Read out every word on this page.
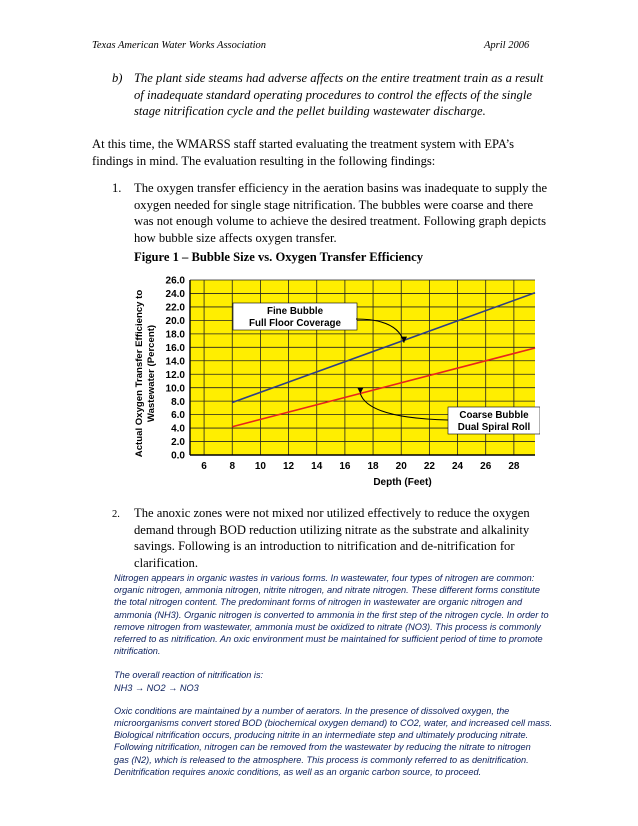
Texas American Water Works Association	April 2006
b) The plant side steams had adverse affects on the entire treatment train as a result
of inadequate standard operating procedures to control the effects of the single
stage nitrification cycle and the pellet building wastewater discharge.
At this time, the WMARSS staff started evaluating the treatment system with EPA’s
findings in mind. The evaluation resulting in the following findings:
1. The oxygen transfer efficiency in the aeration basins was inadequate to supply the
oxygen needed for single stage nitrification. The bubbles were coarse and there
was not enough volume to achieve the desired treatment. Following graph depicts
how bubble size affects oxygen transfer.
Figure 1 – Bubble Size vs. Oxygen Transfer Efficiency
0.0
2.0
4.0
6.0
8.0
10.0
12.0
14.0
16.0
18.0
20.0
22.0
24.0
26.0
6 8 10 12 14 16 18 20 22 24 26 28
Fine Bubble
Full Floor Coverage
Coarse Bubble
Dual Spiral Roll
Depth (Feet)
Actual Oxygen Transfer Efficiency toWastewater (Percent)
2. The anoxic zones were not mixed nor utilized effectively to reduce the oxygen
demand through BOD reduction utilizing nitrate as the substrate and alkalinity
savings. Following is an introduction to nitrification and de-nitrification for
clarification.

Nitrogen appears in organic wastes in various forms. In wastewater, four types of nitrogen are common:
organic nitrogen, ammonia nitrogen, nitrite nitrogen, and nitrate nitrogen. These different forms constitute
the total nitrogen content. The predominant forms of nitrogen in wastewater are organic nitrogen and
ammonia (NH3). Organic nitrogen is converted to ammonia in the first step of the nitrogen cycle. In order to
remove nitrogen from wastewater, ammonia must be oxidized to nitrate (NO3). This process is commonly
referred to as nitrification. An oxic environment must be maintained for sufficient period of time to promote
nitrification.

The overall reaction of nitrification is:
NH3 → NO2 → NO3

Oxic conditions are maintained by a number of aerators. In the presence of dissolved oxygen, the
microorganisms convert stored BOD (biochemical oxygen demand) to CO2, water, and increased cell mass.
Biological nitrification occurs, producing nitrite in an intermediate step and ultimately producing nitrate.
Following nitrification, nitrogen can be removed from the wastewater by reducing the nitrate to nitrogen
gas (N2), which is released to the atmosphere. This process is commonly referred to as denitrification.
Denitrification requires anoxic conditions, as well as an organic carbon source, to proceed.
